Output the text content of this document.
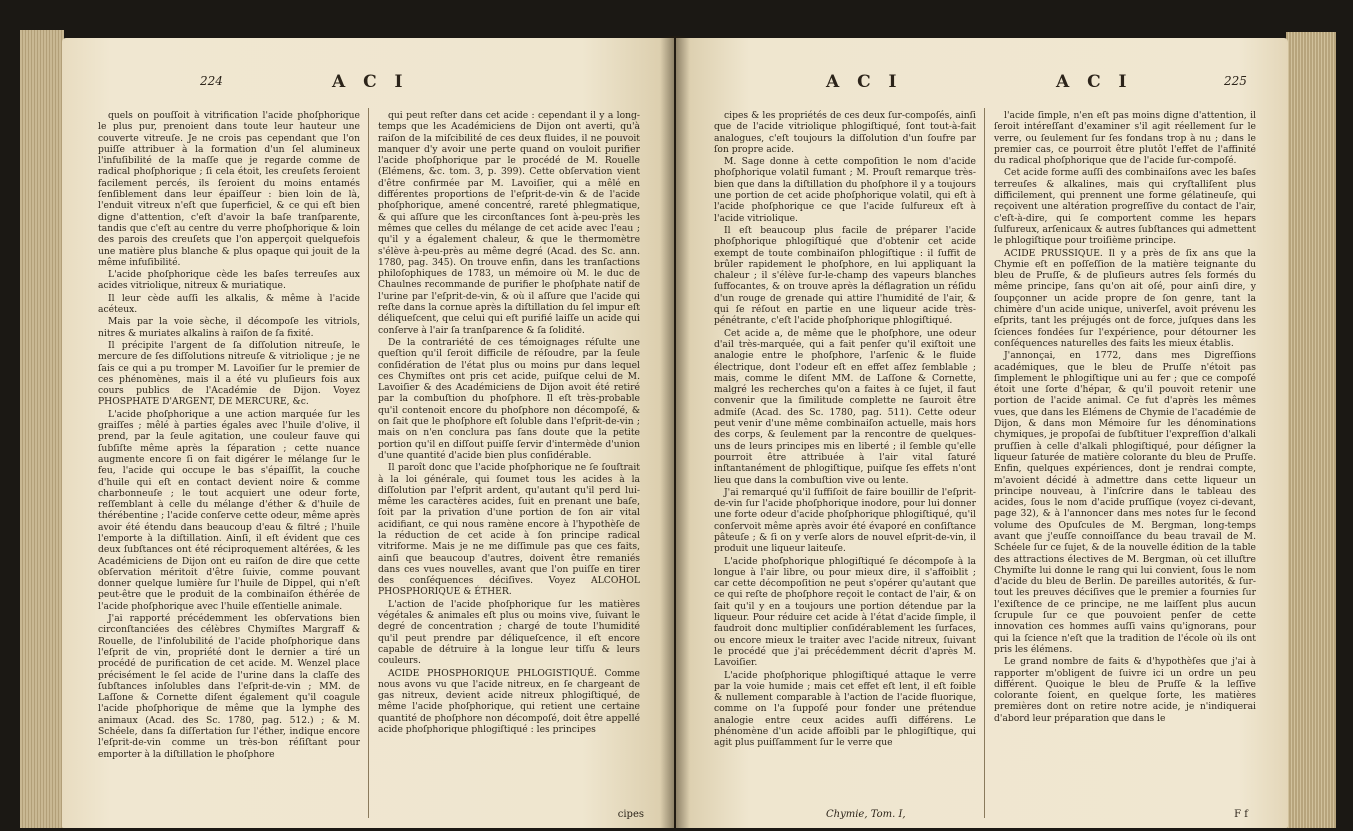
224	A C I

quels on pouſſoit à vitrification l'acide phoſphorique le plus pur, prenoient dans toute leur hauteur une couverte vitreuſe. Je ne crois pas cependant que l'on puiſſe attribuer à la formation d'un ſel alumineux l'infuſibilité de la maſſe que je regarde comme de radical phoſphorique ; ſi cela étoit, les creuſets ſeroient facilement percés, ils ſeroient du moins entamés ſenſiblement dans leur épaiſſeur : bien loin de là, l'enduit vitreux n'eſt que ſuperficiel, & ce qui eſt bien digne d'attention, c'eſt d'avoir la baſe tranſparente, tandis que c'eſt au centre du verre phoſphorique & loin des parois des creuſets que l'on apperçoit quelquefois une matière plus blanche & plus opaque qui jouit de la même infuſibilité.

L'acide phoſphorique cède les baſes terreuſes aux acides vitriolique, nitreux & muriatique.

Il leur cède auſſi les alkalis, & même à l'acide acéteux.

Mais par la voie sèche, il décompoſe les vitriols, nitres & muriates alkalins à raiſon de ſa fixité.

Il précipite l'argent de ſa diſſolution nitreuſe, le mercure de ſes diſſolutions nitreuſe & vitriolique ; je ne ſais ce qui a pu tromper M. Lavoiſier ſur le premier de ces phénomènes, mais il a été vu pluſieurs fois aux cours publics de l'Académie de Dijon. Voyez PHOSPHATE D'ARGENT, DE MERCURE, &c.

L'acide phoſphorique a une action marquée ſur les graiſſes ; mêlé à parties égales avec l'huile d'olive, il prend, par la ſeule agitation, une couleur fauve qui ſubſiſte même après la ſéparation ; cette nuance augmente encore ſi on fait digérer le mélange ſur le feu, l'acide qui occupe le bas s'épaiſſit, la couche d'huile qui eſt en contact devient noire & comme charbonneuſe ; le tout acquiert une odeur forte, reſſemblant à celle du mélange d'éther & d'huile de thérébentine ; l'acide conſerve cette odeur, même après avoir été étendu dans beaucoup d'eau & filtré ; l'huile l'emporte à la diſtillation. Ainſi, il eſt évident que ces deux ſubſtances ont été réciproquement altérées, & les Académiciens de Dijon ont eu raiſon de dire que cette obſervation méritoit d'être ſuivie, comme pouvant donner quelque lumière ſur l'huile de Dippel, qui n'eſt peut-être que le produit de la combinaiſon éthérée de l'acide phoſphorique avec l'huile eſſentielle animale.

J'ai rapporté précédemment les obſervations bien circonſtanciées des célèbres Chymiſtes Margraff & Rouelle, de l'infolubilité de l'acide phoſphorique dans l'eſprit de vin, propriété dont le dernier a tiré un procédé de purification de cet acide. M. Wenzel place précisément le ſel acide de l'urine dans la claſſe des ſubſtances inſolubles dans l'eſprit-de-vin ; MM. de Laſſone & Cornette diſent également qu'il coagule l'acide phoſphorique de même que la lymphe des animaux (Acad. des Sc. 1780, pag. 512.) ; & M. Schéele, dans ſa diſſertation ſur l'éther, indique encore l'eſprit-de-vin comme un très-bon réſiſtant pour emporter à la diſtillation le phoſphore

qui peut reſter dans cet acide : cependant il y a long-temps que les Académiciens de Dijon ont averti, qu'à raiſon de la miſcibilité de ces deux fluides, il ne pouvoit manquer d'y avoir une perte quand on vouloit purifier l'acide phoſphorique par le procédé de M. Rouelle (Elémens, &c. tom. 3, p. 399). Cette obſervation vient d'être confirmée par M. Lavoiſier, qui a mêlé en différentes proportions de l'eſprit-de-vin & de l'acide phoſphorique, amené concentré, rareté phlegmatique, & qui aſſure que les circonſtances ſont à-peu-près les mêmes que celles du mélange de cet acide avec l'eau ; qu'il y a également chaleur, & que le thermomètre s'élève à-peu-près au même degré (Acad. des Sc. ann. 1780, pag. 345). On trouve enfin, dans les tranſactions philoſophiques de 1783, un mémoire où M. le duc de Chaulnes recommande de purifier le phoſphate natif de l'urine par l'eſprit-de-vin, & où il aſſure que l'acide qui reſte dans la cornue après la diſtillation du ſel impur eſt déliqueſcent, que celui qui eſt purifié laiſſe un acide qui conſerve à l'air ſa tranſparence & ſa ſolidité.

De la contrariété de ces témoignages réſulte une queſtion qu'il ſeroit difficile de réſoudre, par la ſeule conſidération de l'état plus ou moins pur dans lequel ces Chymiſtes ont pris cet acide, puiſque celui de M. Lavoiſier & des Académiciens de Dijon avoit été retiré par la combuſtion du phoſphore. Il eſt très-probable qu'il contenoit encore du phoſphore non décompoſé, & on ſait que le phoſphore eſt ſoluble dans l'eſprit-de-vin ; mais on n'en conclura pas ſans doute que la petite portion qu'il en diſſout puiſſe ſervir d'intermède d'union d'une quantité d'acide bien plus conſidérable.

Il paroît donc que l'acide phoſphorique ne ſe ſouſtrait à la loi générale, qui ſoumet tous les acides à la diſſolution par l'eſprit ardent, qu'autant qu'il perd lui-même les caractères acides, ſuit en prenant une baſe, ſoit par la privation d'une portion de ſon air vital acidifiant, ce qui nous ramène encore à l'hypothèſe de la réduction de cet acide à ſon principe radical vitriforme. Mais je ne me diſſimule pas que ces faits, ainſi que beaucoup d'autres, doivent être remaniés dans ces vues nouvelles, avant que l'on puiſſe en tirer des conſéquences déciſives. Voyez ALCOHOL PHOSPHORIQUE & ÉTHER.

L'action de l'acide phoſphorique ſur les matières végétales & animales eſt plus ou moins vive, ſuivant le degré de concentration ; chargé de toute l'humidité qu'il peut prendre par déliqueſcence, il eſt encore capable de détruire à la longue leur tiſſu & leurs couleurs.

ACIDE PHOSPHORIQUE PHLOGISTIQUÉ. Comme nous avons vu que l'acide nitreux, en ſe chargeant de gas nitreux, devient acide nitreux phlogiſtiqué, de même l'acide phoſphorique, qui retient une certaine quantité de phoſphore non décompoſé, doit être appellé acide phoſphorique phlogiſtiqué : les principes

cipes
A C I	A C I	225

cipes & les propriétés de ces deux ſur-compoſés, ainſi que de l'acide vitriolique phlogiſtiqué, ſont tout-à-fait analogues, c'eſt toujours la diſſolution d'un ſoufre par ſon propre acide.

M. Sage donne à cette compoſition le nom d'acide phoſphorique volatil fumant ; M. Prouſt remarque très-bien que dans la diſtillation du phoſphore il y a toujours une portion de cet acide phoſphorique volatil, qui eſt à l'acide phoſphorique ce que l'acide ſulfureux eſt à l'acide vitriolique.

Il eſt beaucoup plus facile de préparer l'acide phoſphorique phlogiſtiqué que d'obtenir cet acide exempt de toute combinaiſon phlogiſtique : il ſuffit de brûler rapidement le phoſphore, en lui appliquant la chaleur ; il s'élève ſur-le-champ des vapeurs blanches ſuffocantes, & on trouve après la déflagration un réſidu d'un rouge de grenade qui attire l'humidité de l'air, & qui ſe réſout en partie en une liqueur acide très-pénétrante, c'eſt l'acide phoſphorique phlogiſtiqué.

Cet acide a, de même que le phoſphore, une odeur d'ail très-marquée, qui a fait penſer qu'il exiſtoit une analogie entre le phoſphore, l'arſenic & le fluide électrique, dont l'odeur eſt en effet aſſez ſemblable ; mais, comme le diſent MM. de Laſſone & Cornette, malgré les recherches qu'on a faites à ce ſujet, il faut convenir que la ſimilitude complette ne ſauroit être admiſe (Acad. des Sc. 1780, pag. 511). Cette odeur peut venir d'une même combinaiſon actuelle, mais hors des corps, & ſeulement par la rencontre de quelques-uns de leurs principes mis en liberté ; il ſemble qu'elle pourroit être attribuée à l'air vital ſaturé inſtantanément de phlogiſtique, puiſque ſes effets n'ont lieu que dans la combuſtion vive ou lente.

J'ai remarqué qu'il ſuffiſoit de faire bouillir de l'eſprit-de-vin ſur l'acide phoſphorique inodore, pour lui donner une forte odeur d'acide phoſphorique phlogiſtiqué, qu'il conſervoit même après avoir été évaporé en conſiſtance pâteuſe ; & ſi on y verſe alors de nouvel eſprit-de-vin, il produit une liqueur laiteuſe.

L'acide phoſphorique phlogiſtiqué ſe décompoſe à la longue à l'air libre, ou pour mieux dire, il s'affoiblit ; car cette décompoſition ne peut s'opérer qu'autant que ce qui reſte de phoſphore reçoit le contact de l'air, & on ſait qu'il y en a toujours une portion détendue par la liqueur. Pour réduire cet acide à l'état d'acide ſimple, il faudroit donc multiplier conſidérablement les ſurfaces, ou encore mieux le traiter avec l'acide nitreux, ſuivant le procédé que j'ai précédemment décrit d'après M. Lavoiſier.

L'acide phoſphorique phlogiſtiqué attaque le verre par la voie humide ; mais cet effet eſt lent, il eſt foible & nullement comparable à l'action de l'acide fluorique, comme on l'a ſuppoſé pour fonder une prétendue analogie entre ceux acides auſſi différens. Le phénomène d'un acide affoibli par le phlogiſtique, qui agit plus puiſſamment ſur le verre que

l'acide ſimple, n'en eſt pas moins digne d'attention, il ſeroit intéreſſant d'examiner s'il agit réellement ſur le verre, ou ſeulement ſur ſes fondans trop à nu ; dans le premier cas, ce pourroit être plutôt l'effet de l'affinité du radical phoſphorique que de l'acide ſur-compoſé.

Cet acide forme auſſi des combinaiſons avec les baſes terreuſes & alkalines, mais qui cryſtalliſent plus difficilement, qui prennent une forme gélatineuſe, qui reçoivent une altération progreſſive du contact de l'air, c'eſt-à-dire, qui ſe comportent comme les hepars ſulfureux, arſenicaux & autres ſubſtances qui admettent le phlogiſtique pour troiſième principe.

ACIDE PRUSSIQUE. Il y a près de ſix ans que la Chymie eſt en poſſeſſion de la matière teignante du bleu de Pruſſe, & de pluſieurs autres ſels formés du même principe, ſans qu'on ait oſé, pour ainſi dire, y ſoupçonner un acide propre de ſon genre, tant la chimère d'un acide unique, univerſel, avoit prévenu les eſprits, tant les préjugés ont de force, juſques dans les ſciences fondées ſur l'expérience, pour détourner les conſéquences naturelles des faits les mieux établis.

J'annonçai, en 1772, dans mes Digreſſions académiques, que le bleu de Pruſſe n'étoit pas ſimplement le phlogiſtique uni au fer ; que ce compoſé étoit une ſorte d'hépar, & qu'il pouvoit retenir une portion de l'acide animal. Ce fut d'après les mêmes vues, que dans les Elémens de Chymie de l'académie de Dijon, & dans mon Mémoire ſur les dénominations chymiques, je propoſai de ſubſtituer l'expreſſion d'alkali pruſſien à celle d'alkali phlogiſtiqué, pour déſigner la liqueur ſaturée de matière colorante du bleu de Pruſſe. Enfin, quelques expériences, dont je rendrai compte, m'avoient décidé à admettre dans cette liqueur un principe nouveau, à l'inſcrire dans le tableau des acides, ſous le nom d'acide pruſſique (voyez ci-devant, page 32), & à l'annoncer dans mes notes ſur le ſecond volume des Opuſcules de M. Bergman, long-temps avant que j'euſſe connoiſſance du beau travail de M. Schéele ſur ce ſujet, & de la nouvelle édition de la table des attractions électives de M. Bergman, où cet illuſtre Chymiſte lui donne le rang qui lui convient, ſous le nom d'acide du bleu de Berlin. De pareilles autorités, & ſur-tout les preuves déciſives que le premier a fournies ſur l'exiſtence de ce principe, ne me laiſſent plus aucun ſcrupule ſur ce que pouvoient penſer de cette innovation ces hommes auſſi vains qu'ignorans, pour qui la ſcience n'eſt que la tradition de l'école où ils ont pris les élémens.

Le grand nombre de faits & d'hypothèſes que j'ai à rapporter m'obligent de ſuivre ici un ordre un peu différent. Quoique le bleu de Pruſſe & la leſſive colorante ſoient, en quelque ſorte, les matières premières dont on retire notre acide, je n'indiquerai d'abord leur préparation que dans le

Chymie, Tom. I,	F f
